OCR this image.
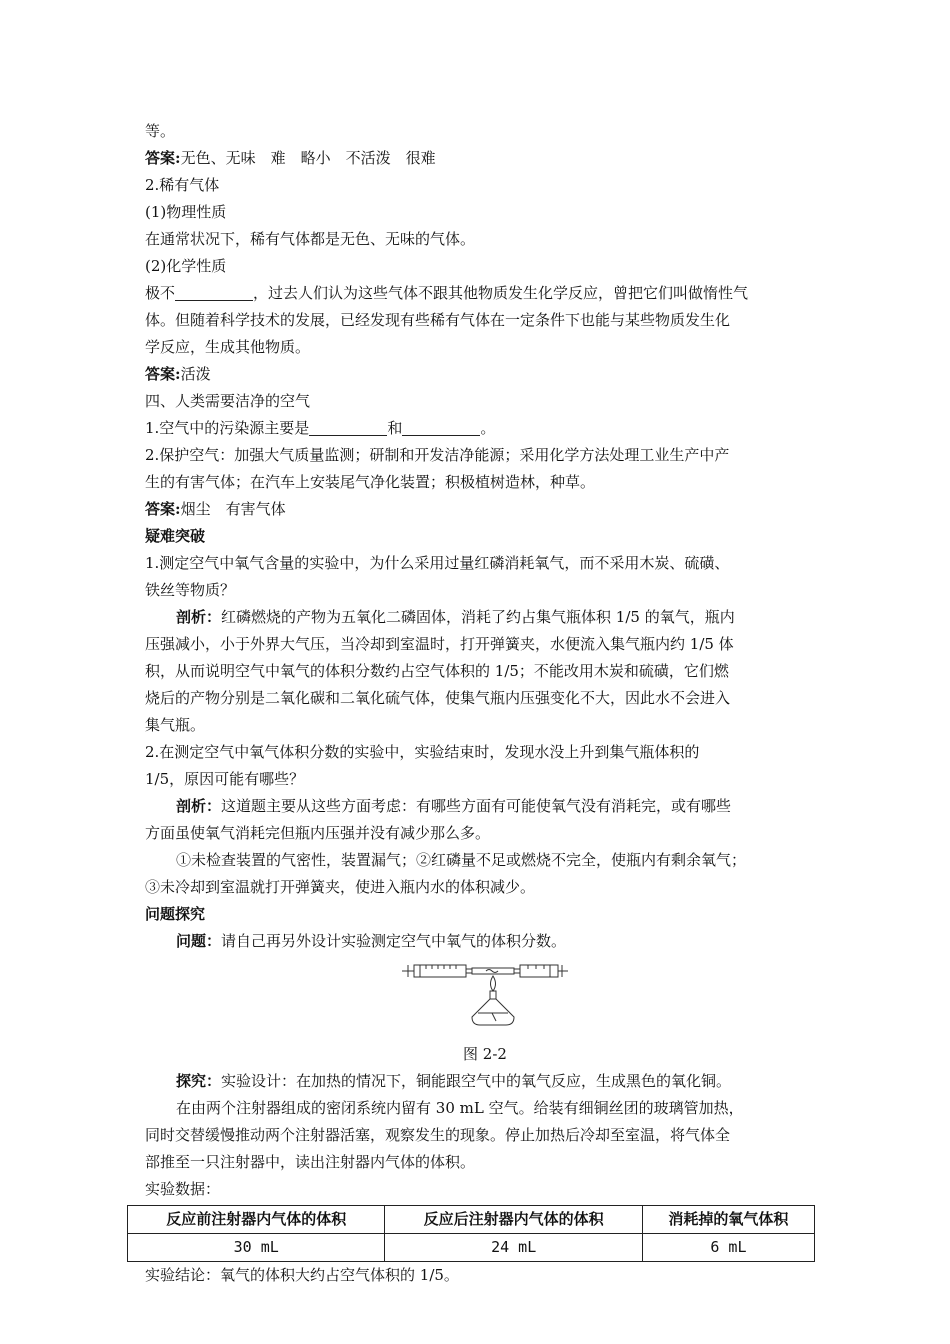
等。
答案:无色、无味　难　略小　不活泼　很难
2.稀有气体
(1)物理性质
在通常状况下，稀有气体都是无色、无味的气体。
(2)化学性质
极不	，过去人们认为这些气体不跟其他物质发生化学反应，曾把它们叫做惰性气
体。但随着科学技术的发展，已经发现有些稀有气体在一定条件下也能与某些物质发生化
学反应，生成其他物质。
答案:活泼
四、人类需要洁净的空气
1.空气中的污染源主要是	和	。
2.保护空气：加强大气质量监测；研制和开发洁净能源；采用化学方法处理工业生产中产
生的有害气体；在汽车上安装尾气净化装置；积极植树造林，种草。
答案:烟尘　有害气体
疑难突破
1.测定空气中氧气含量的实验中，为什么采用过量红磷消耗氧气，而不采用木炭、硫磺、
铁丝等物质？
剖析：红磷燃烧的产物为五氧化二磷固体，消耗了约占集气瓶体积 1/5 的氧气，瓶内
压强减小，小于外界大气压，当冷却到室温时，打开弹簧夹，水便流入集气瓶内约 1/5 体
积，从而说明空气中氧气的体积分数约占空气体积的 1/5；不能改用木炭和硫磺，它们燃
烧后的产物分别是二氧化碳和二氧化硫气体，使集气瓶内压强变化不大，因此水不会进入
集气瓶。
2.在测定空气中氧气体积分数的实验中，实验结束时，发现水没上升到集气瓶体积的
1/5，原因可能有哪些？
剖析：这道题主要从这些方面考虑：有哪些方面有可能使氧气没有消耗完，或有哪些
方面虽使氧气消耗完但瓶内压强并没有减少那么多。
①未检查装置的气密性，装置漏气；②红磷量不足或燃烧不完全，使瓶内有剩余氧气；
③未冷却到室温就打开弹簧夹，使进入瓶内水的体积减少。
问题探究
问题：请自己再另外设计实验测定空气中氧气的体积分数。
图 2-2
探究：实验设计：在加热的情况下，铜能跟空气中的氧气反应，生成黑色的氧化铜。
在由两个注射器组成的密闭系统内留有 30 mL 空气。给装有细铜丝团的玻璃管加热，
同时交替缓慢推动两个注射器活塞，观察发生的现象。停止加热后冷却至室温，将气体全
部推至一只注射器中，读出注射器内气体的体积。
实验数据：
反应前注射器内气体的体积	反应后注射器内气体的体积	消耗掉的氧气体积
30 mL	24 mL	6 mL
实验结论：氧气的体积大约占空气体积的 1/5。
